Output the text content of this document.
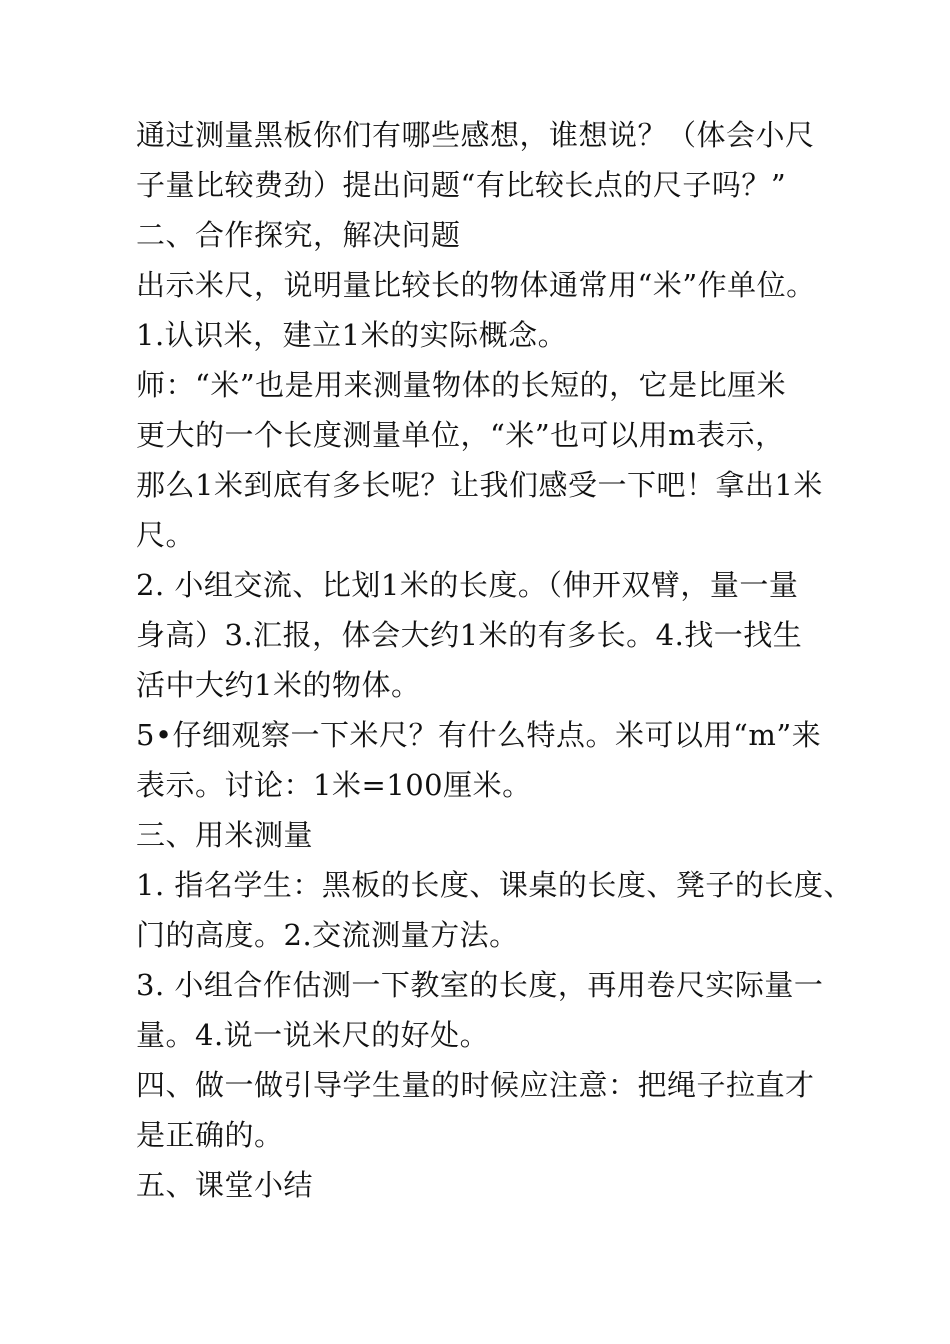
通过测量黑板你们有哪些感想，谁想说？（体会小尺
子量比较费劲）提出问题“有比较长点的尺子吗？”
二、合作探究，解决问题
出示米尺，说明量比较长的物体通常用“米”作单位。
1.认识米，建立1米的实际概念。
师：“米”也是用来测量物体的长短的，它是比厘米
更大的一个长度测量单位，“米”也可以用m表示，
那么1米到底有多长呢？让我们感受一下吧！拿出1米
尺。
2. 小组交流、比划1米的长度。（伸开双臂，量一量
身高）3.汇报，体会大约1米的有多长。4.找一找生
活中大约1米的物体。
5•仔细观察一下米尺？有什么特点。米可以用“m”来
表示。讨论：1米=100厘米。
三、用米测量
1. 指名学生：黑板的长度、课桌的长度、凳子的长度、
门的高度。2.交流测量方法。
3. 小组合作估测一下教室的长度，再用卷尺实际量一
量。4.说一说米尺的好处。
四、做一做引导学生量的时候应注意：把绳子拉直才
是正确的。
五、课堂小结
